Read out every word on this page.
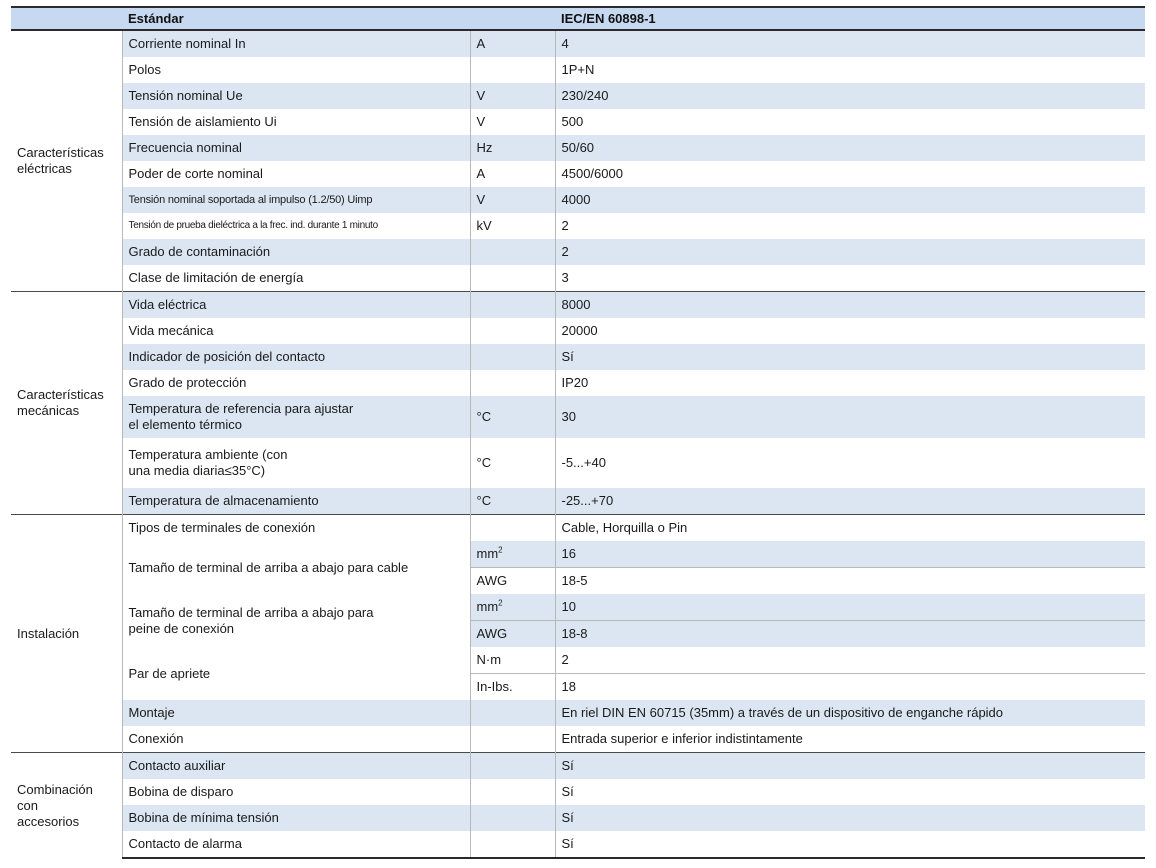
	Estándar		IEC/EN 60898-1
Características eléctricas	Corriente nominal In	A	4
	Polos		1P+N
	Tensión nominal Ue	V	230/240
	Tensión de aislamiento Ui	V	500
	Frecuencia nominal	Hz	50/60
	Poder de corte nominal	A	4500/6000
	Tensión nominal soportada al impulso (1.2/50) Uimp	V	4000
	Tensión de prueba dieléctrica a la frec. ind. durante 1 minuto	kV	2
	Grado de contaminación		2
	Clase de limitación de energía		3
Características mecánicas	Vida eléctrica		8000
	Vida mecánica		20000
	Indicador de posición del contacto		Sí
	Grado de protección		IP20

	Temperatura de referencia para ajustar
el elemento térmico	°C	30

	Temperatura ambiente (con
una media diaria≤35°C)	°C	-5...+40
	Temperatura de almacenamiento	°C	-25...+70
Instalación	Tipos de terminales de conexión		Cable, Horquilla o Pin
	Tamaño de terminal de arriba a abajo para cable	$mm^2$	16
		AWG	18-5

	Tamaño de terminal de arriba a abajo para
peine de conexión	$mm^2$	10
		AWG	18-8
	Par de apriete	N·m	2
		In-Ibs.	18
	Montaje		En riel DIN EN 60715 (35mm) a través de un dispositivo de enganche rápido
	Conexión		Entrada superior e inferior indistintamente

Combinación
con
accesorios	Contacto auxiliar		Sí
	Bobina de disparo		Sí
	Bobina de mínima tensión		Sí
	Contacto de alarma		Sí
